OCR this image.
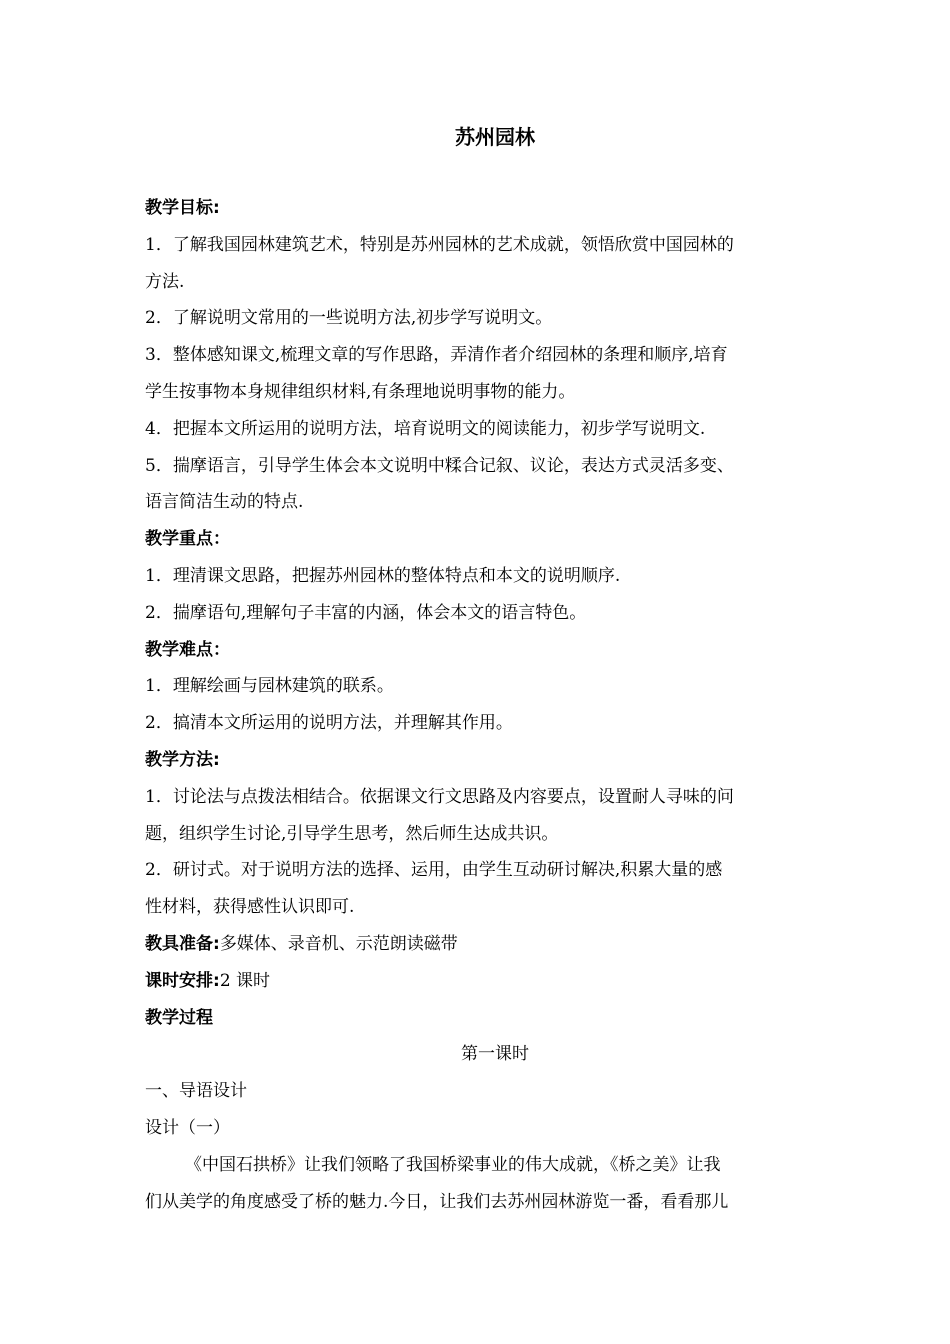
苏州园林
教学目标:
1．了解我国园林建筑艺术，特别是苏州园林的艺术成就，领悟欣赏中国园林的
方法.
2．了解说明文常用的一些说明方法,初步学写说明文。
3．整体感知课文,梳理文章的写作思路，弄清作者介绍园林的条理和顺序,培育
学生按事物本身规律组织材料,有条理地说明事物的能力。
4．把握本文所运用的说明方法，培育说明文的阅读能力，初步学写说明文.
5．揣摩语言，引导学生体会本文说明中糅合记叙、议论，表达方式灵活多变、
语言简洁生动的特点.
教学重点：
1．理清课文思路，把握苏州园林的整体特点和本文的说明顺序.
2．揣摩语句,理解句子丰富的内涵，体会本文的语言特色。
教学难点：
1．理解绘画与园林建筑的联系。
2．搞清本文所运用的说明方法，并理解其作用。
教学方法:
1．讨论法与点拨法相结合。依据课文行文思路及内容要点，设置耐人寻味的问
题，组织学生讨论,引导学生思考，然后师生达成共识。
2．研讨式。对于说明方法的选择、运用，由学生互动研讨解决,积累大量的感
性材料，获得感性认识即可.
教具准备:多媒体、录音机、示范朗读磁带
课时安排:2 课时
教学过程
第一课时
一、导语设计
设计（一）
《中国石拱桥》让我们领略了我国桥梁事业的伟大成就，《桥之美》让我
们从美学的角度感受了桥的魅力.今日，让我们去苏州园林游览一番，看看那儿
